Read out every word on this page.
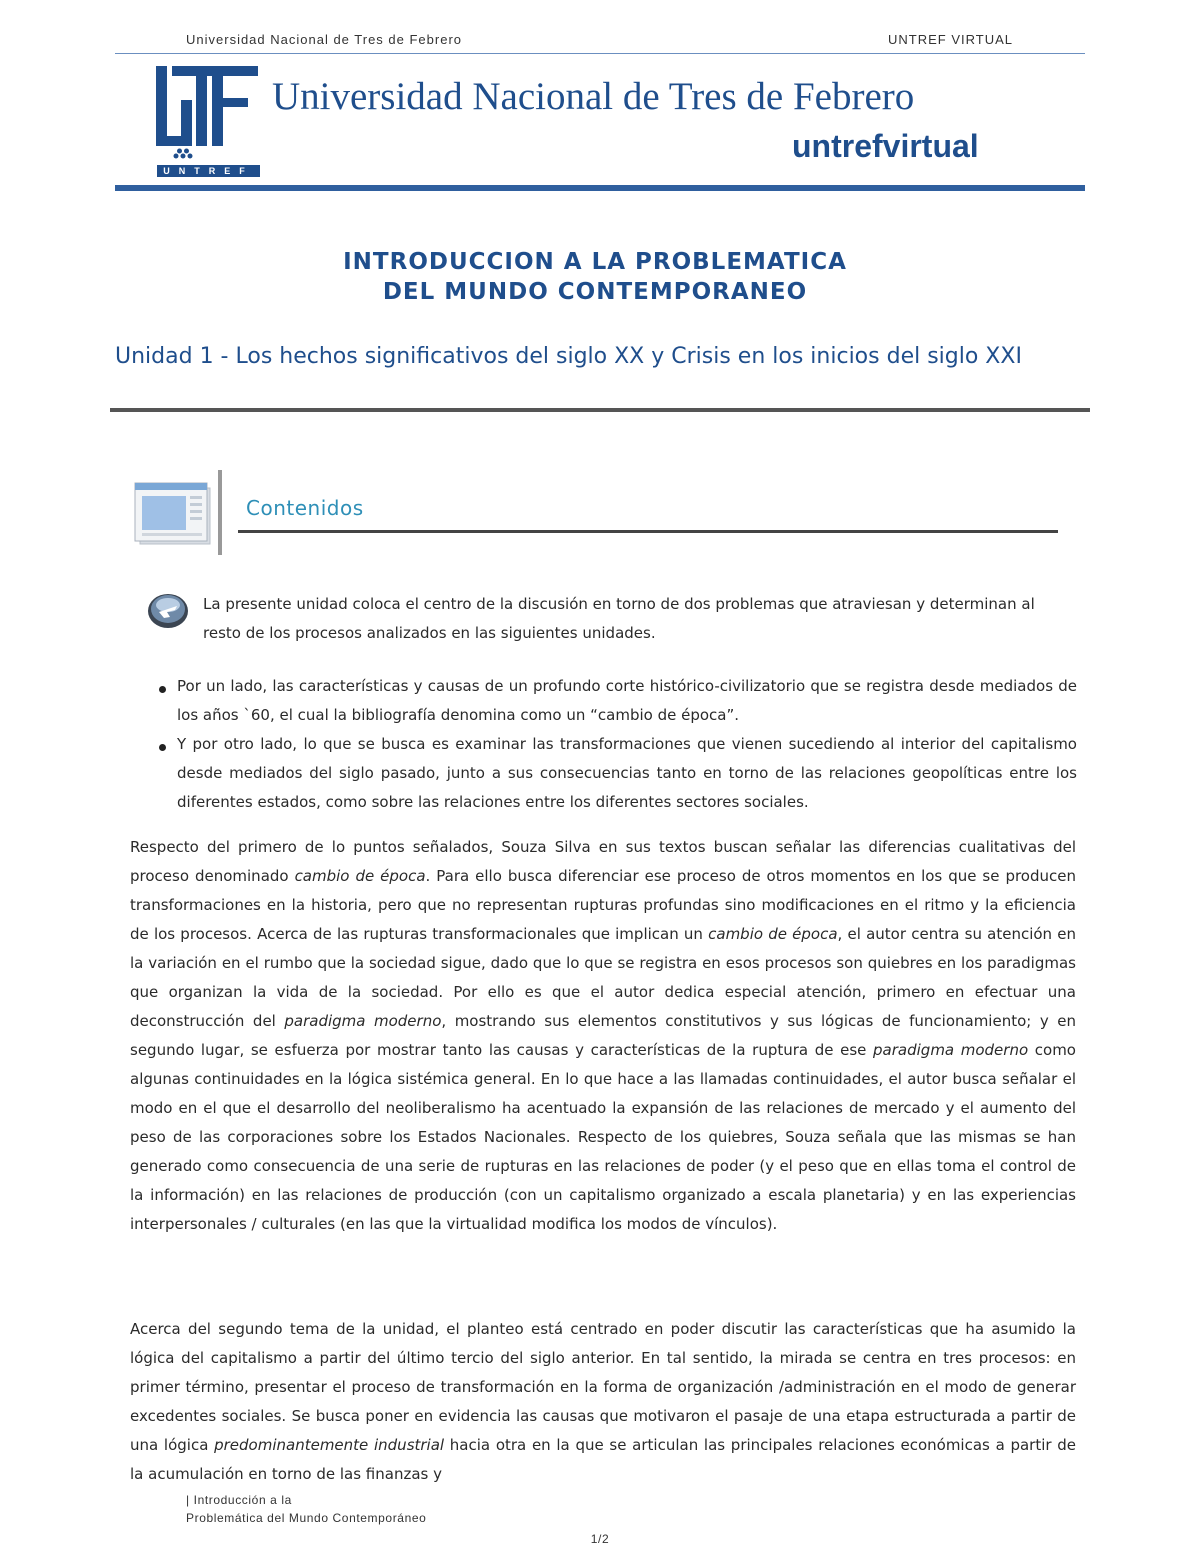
Universidad Nacional de Tres de Febrero	UNTREF VIRTUAL
UNTREF
Universidad Nacional de Tres de Febrero
untrefvirtual
INTRODUCCION A LA PROBLEMATICA
DEL MUNDO CONTEMPORANEO
Unidad 1 - Los hechos significativos del siglo XX y Crisis en los inicios del siglo XXI
Contenidos
La presente unidad coloca el centro de la discusión en torno de dos problemas que atraviesan y determinan al resto de los procesos analizados en las siguientes unidades.
Por un lado, las características y causas de un profundo corte histórico-civilizatorio que se registra desde mediados de los años `60, el cual la bibliografía denomina como un “cambio de época”.
Y por otro lado, lo que se busca es examinar las transformaciones que vienen sucediendo al interior del capitalismo desde mediados del siglo pasado, junto a sus consecuencias tanto en torno de las relaciones geopolíticas entre los diferentes estados, como sobre las relaciones entre los diferentes sectores sociales.
Respecto del primero de lo puntos señalados, Souza Silva en sus textos buscan señalar las diferencias cualitativas del proceso denominado cambio de época. Para ello busca diferenciar ese proceso de otros momentos en los que se producen transformaciones en la historia, pero que no representan rupturas profundas sino modificaciones en el ritmo y la eficiencia de los procesos. Acerca de las rupturas transformacionales que implican un cambio de época, el autor centra su atención en la variación en el rumbo que la sociedad sigue, dado que lo que se registra en esos procesos son quiebres en los paradigmas que organizan la vida de la sociedad. Por ello es que el autor dedica especial atención, primero en efectuar una deconstrucción del paradigma moderno, mostrando sus elementos constitutivos y sus lógicas de funcionamiento; y en segundo lugar, se esfuerza por mostrar tanto las causas y características de la ruptura de ese paradigma moderno como algunas continuidades en la lógica sistémica general. En lo que hace a las llamadas continuidades, el autor busca señalar el modo en el que el desarrollo del neoliberalismo ha acentuado la expansión de las relaciones de mercado y el aumento del peso de las corporaciones sobre los Estados Nacionales. Respecto de los quiebres, Souza señala que las mismas se han generado como consecuencia de una serie de rupturas en las relaciones de poder (y el peso que en ellas toma el control de la información) en las relaciones de producción (con un capitalismo organizado a escala planetaria) y en las experiencias interpersonales / culturales (en las que la virtualidad modifica los modos de vínculos).
Acerca del segundo tema de la unidad, el planteo está centrado en poder discutir las características que ha asumido la lógica del capitalismo a partir del último tercio del siglo anterior. En tal sentido, la mirada se centra en tres procesos: en primer término, presentar el proceso de transformación en la forma de organización /administración en el modo de generar excedentes sociales. Se busca poner en evidencia las causas que motivaron el pasaje de una etapa estructurada a partir de una lógica predominantemente industrial hacia otra en la que se articulan las principales relaciones económicas a partir de la acumulación en torno de las finanzas y
| Introducción a la
Problemática del Mundo Contemporáneo
1/2
